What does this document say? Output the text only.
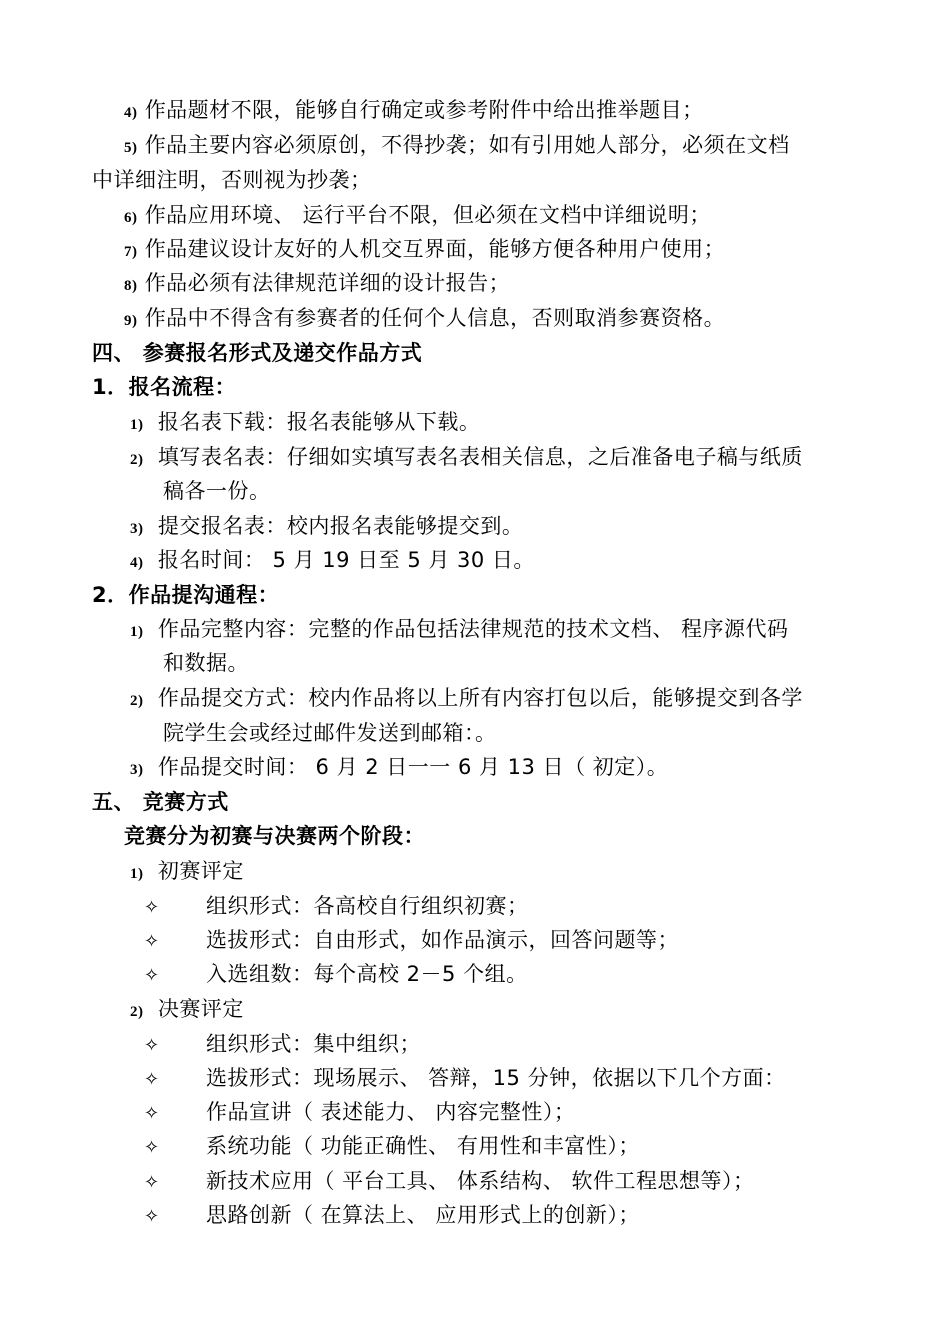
4) 作品题材不限，能够自行确定或参考附件中给出推举题目；
5) 作品主要内容必须原创，不得抄袭；如有引用她人部分，必须在文档
中详细注明，否则视为抄袭；
6) 作品应用环境、 运行平台不限，但必须在文档中详细说明；
7) 作品建议设计友好的人机交互界面，能够方便各种用户使用；
8) 作品必须有法律规范详细的设计报告；
9) 作品中不得含有参赛者的任何个人信息，否则取消参赛资格。
四、 参赛报名形式及递交作品方式
1．报名流程：
1) 报名表下载：报名表能够从下载。
2) 填写表名表：仔细如实填写表名表相关信息，之后准备电子稿与纸质
稿各一份。
3) 提交报名表：校内报名表能够提交到。
4) 报名时间： 5 月 19 日至 5 月 30 日。
2．作品提沟通程：
1) 作品完整内容：完整的作品包括法律规范的技术文档、 程序源代码
和数据。
2) 作品提交方式：校内作品将以上所有内容打包以后，能够提交到各学
院学生会或经过邮件发送到邮箱：。
3) 作品提交时间： 6 月 2 日一一 6 月 13 日（ 初定）。
五、 竞赛方式
竞赛分为初赛与决赛两个阶段：
1) 初赛评定
✧ 组织形式：各高校自行组织初赛；
✧ 选拔形式：自由形式，如作品演示，回答问题等；
✧ 入选组数：每个高校 2－5 个组。
2) 决赛评定
✧ 组织形式：集中组织；
✧ 选拔形式：现场展示、 答辩，15 分钟，依据以下几个方面：
✧ 作品宣讲（ 表述能力、 内容完整性）；
✧ 系统功能（ 功能正确性、 有用性和丰富性）；
✧ 新技术应用（ 平台工具、 体系结构、 软件工程思想等）；
✧ 思路创新（ 在算法上、 应用形式上的创新）；
